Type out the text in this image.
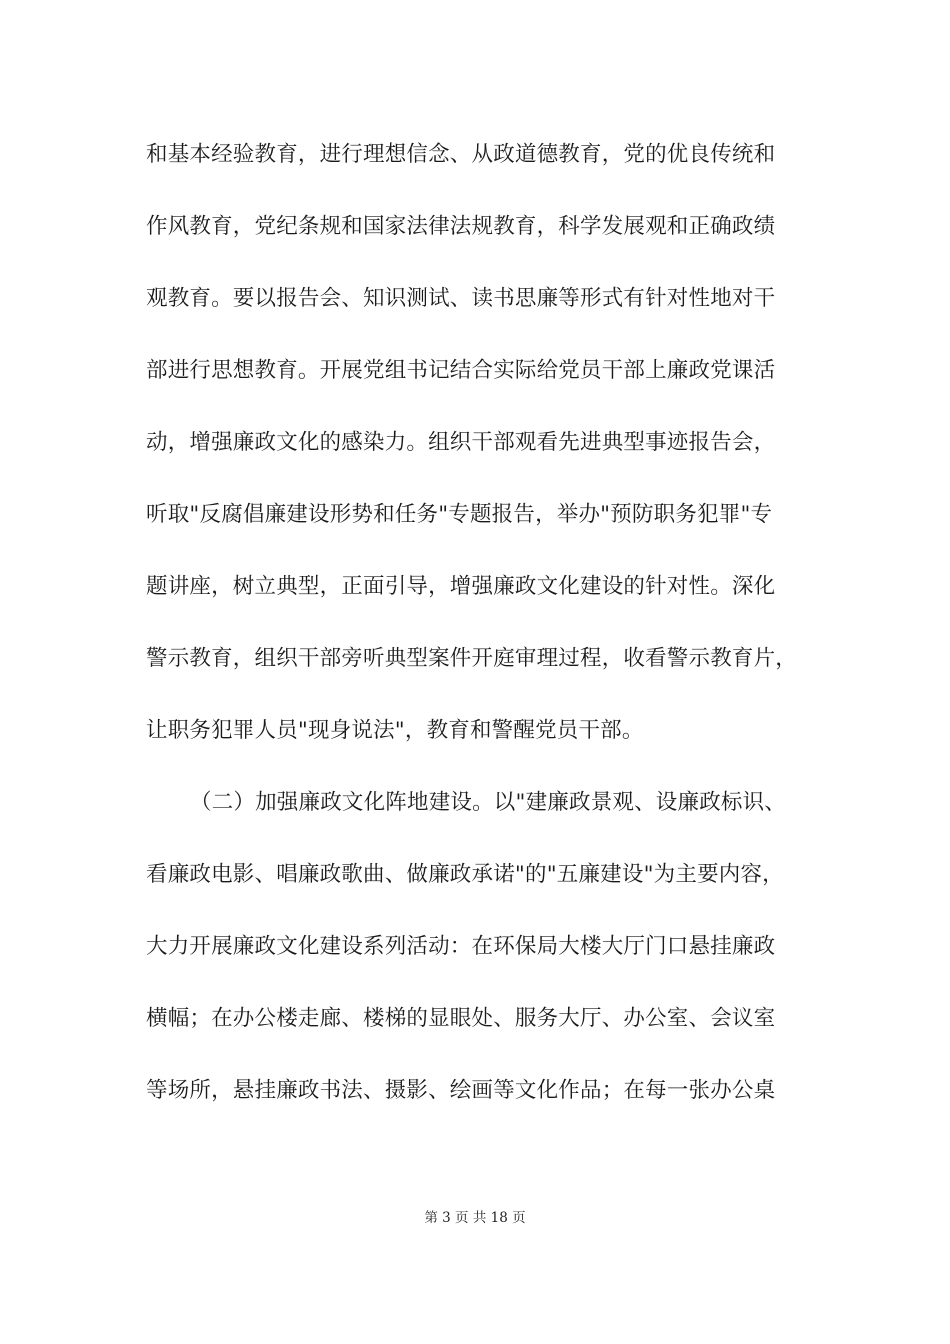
和基本经验教育，进行理想信念、从政道德教育，党的优良传统和
作风教育，党纪条规和国家法律法规教育，科学发展观和正确政绩
观教育。要以报告会、知识测试、读书思廉等形式有针对性地对干
部进行思想教育。开展党组书记结合实际给党员干部上廉政党课活
动，增强廉政文化的感染力。组织干部观看先进典型事迹报告会，
听取"反腐倡廉建设形势和任务"专题报告，举办"预防职务犯罪"专
题讲座，树立典型，正面引导，增强廉政文化建设的针对性。深化
警示教育，组织干部旁听典型案件开庭审理过程，收看警示教育片，
让职务犯罪人员"现身说法"，教育和警醒党员干部。
（二）加强廉政文化阵地建设。以"建廉政景观、设廉政标识、
看廉政电影、唱廉政歌曲、做廉政承诺"的"五廉建设"为主要内容，
大力开展廉政文化建设系列活动：在环保局大楼大厅门口悬挂廉政
横幅；在办公楼走廊、楼梯的显眼处、服务大厅、办公室、会议室
等场所，悬挂廉政书法、摄影、绘画等文化作品；在每一张办公桌
第 3 页 共 18 页
